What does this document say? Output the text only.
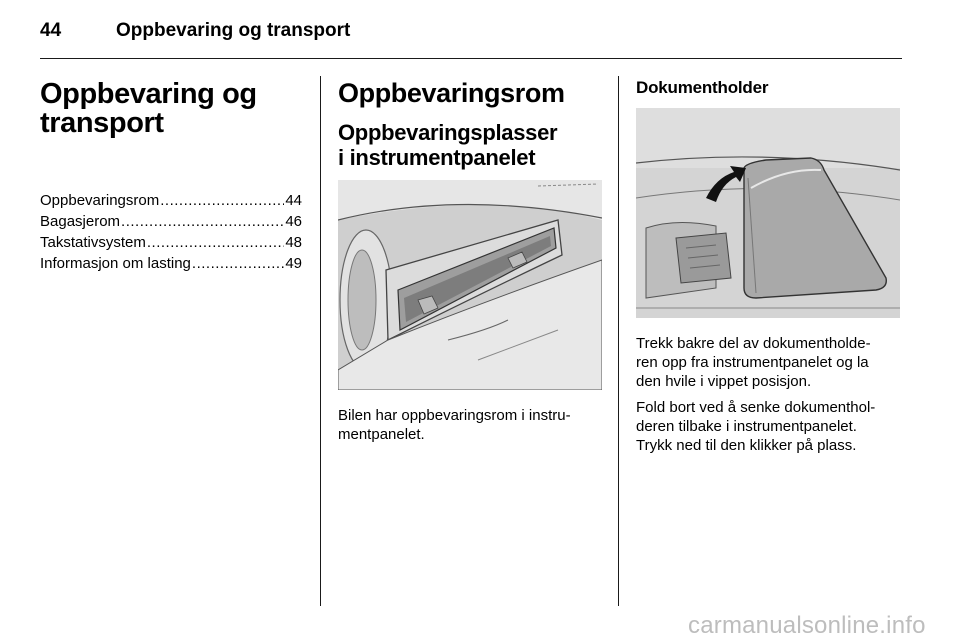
44	Oppbevaring og transport
Oppbevaring og
transport
Oppbevaringsrom .....	44
Bagasjerom .....	46
Takstativsystem .....	48
Informasjon om lasting .....	49
Oppbevaringsrom
Oppbevaringsplasser
i instrumentpanelet

Bilen har oppbevaringsrom i instru-
mentpanelet.

Dokumentholder

Trekk bakre del av dokumentholde-
ren opp fra instrumentpanelet og la
den hvile i vippet posisjon.

Fold bort ved å senke dokumenthol-
deren tilbake i instrumentpanelet.
Trykk ned til den klikker på plass.

carmanualsonline.info
